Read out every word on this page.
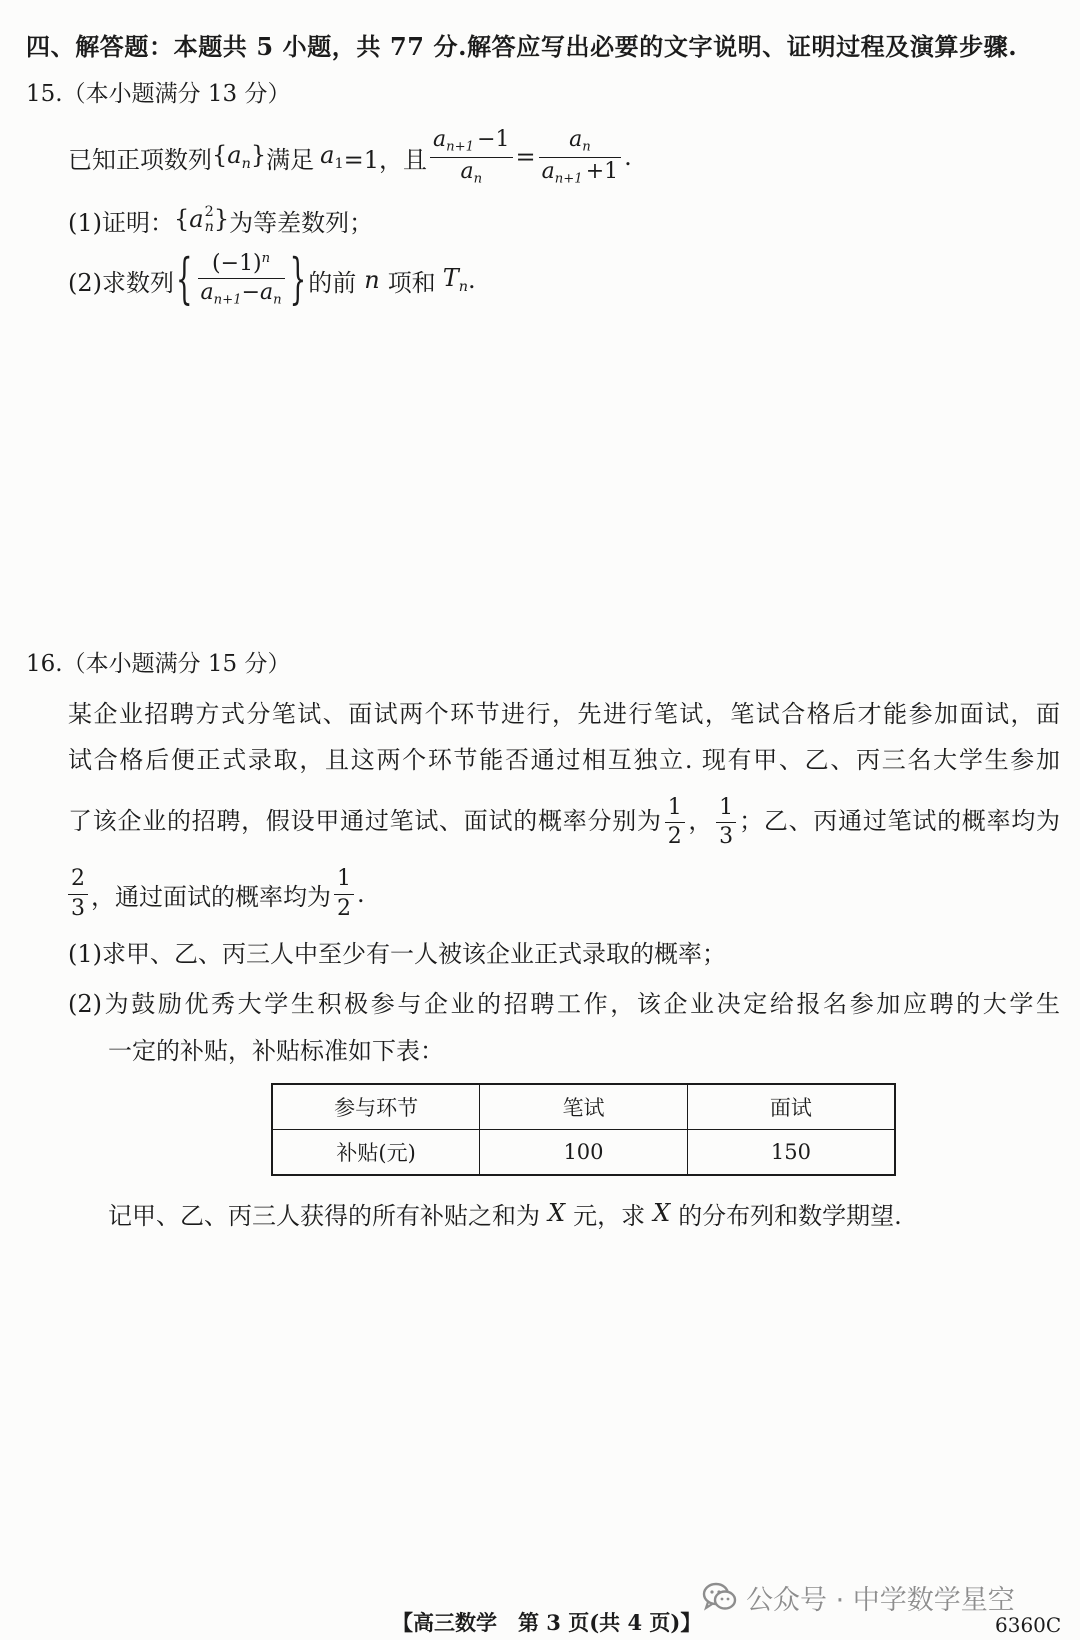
四、解答题：本题共 5 小题，共 77 分.解答应写出必要的文字说明、证明过程及演算步骤.
15.（本小题满分 13 分）
已知正项数列 $\{a_n\}$ 满足 $a_1 =1$，且 $\frac{a_{n+1} -1}{a_n} = \frac{a_n}{a_{n+1} +1}$ .
(1)证明： {a 2
n } 为等差数列；
(2)求数列 { $\frac{(-1)^n}{a_{n+1}-a_n}$ } 的前 n 项和 $T_n$ .
16.（本小题满分 15 分）
某企业招聘方式分笔试、面试两个环节进行，先进行笔试，笔试合格后才能参加面试，面
试合格后便正式录取，且这两个环节能否通过相互独立. 现有甲、乙、丙三名大学生参加
了该企业的招聘，假设甲通过笔试、面试的概率分别为 $\frac{1}{2}$ ， $\frac{1}{3}$ ；乙、丙通过笔试的概率均为
$\frac{2}{3}$ ，通过面试的概率均为 $\frac{1}{2}$ .
(1)求甲、乙、丙三人中至少有一人被该企业正式录取的概率；
(2)为鼓励优秀大学生积极参与企业的招聘工作，该企业决定给报名参加应聘的大学生
一定的补贴，补贴标准如下表：
参与环节	笔试	面试
补贴(元)	100	150
记甲、乙、丙三人获得的所有补贴之和为 X 元，求 X 的分布列和数学期望.
公众号 · 中学数学星空
【高三数学　第 3 页(共 4 页)】	6360C
